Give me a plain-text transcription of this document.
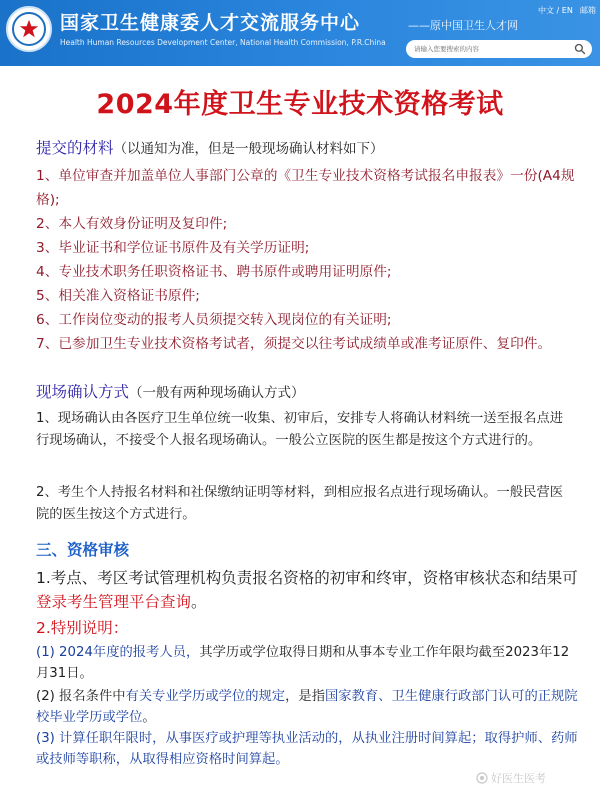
国家卫生健康委人才交流服务中心
Health Human Resources Development Center, National Health Commission, P.R.China
——原中国卫生人才网
中文 / EN 邮箱
请输入您要搜索的内容
2024年度卫生专业技术资格考试
提交的材料（以通知为准，但是一般现场确认材料如下）

1、单位审查并加盖单位人事部门公章的《卫生专业技术资格考试报名申报表》一份(A4规格);

2、本人有效身份证明及复印件;

3、毕业证书和学位证书原件及有关学历证明;

4、专业技术职务任职资格证书、聘书原件或聘用证明原件;

5、相关准入资格证书原件;

6、工作岗位变动的报考人员须提交转入现岗位的有关证明;

7、已参加卫生专业技术资格考试者，须提交以往考试成绩单或准考证原件、复印件。

现场确认方式（一般有两种现场确认方式）

1、现场确认由各医疗卫生单位统一收集、初审后，安排专人将确认材料统一送至报名点进行现场确认，不接受个人报名现场确认。一般公立医院的医生都是按这个方式进行的。

2、考生个人持报名材料和社保缴纳证明等材料，到相应报名点进行现场确认。一般民营医院的医生按这个方式进行。

三、资格审核

1.考点、考区考试管理机构负责报名资格的初审和终审，资格审核状态和结果可登录考生管理平台查询。

2.特别说明：

(1) 2024年度的报考人员，其学历或学位取得日期和从事本专业工作年限均截至2023年12月31日。

(2) 报名条件中有关专业学历或学位的规定，是指国家教育、卫生健康行政部门认可的正规院校毕业学历或学位。

(3) 计算任职年限时，从事医疗或护理等执业活动的，从执业注册时间算起；取得护师、药师或技师等职称，从取得相应资格时间算起。

好医生医考
